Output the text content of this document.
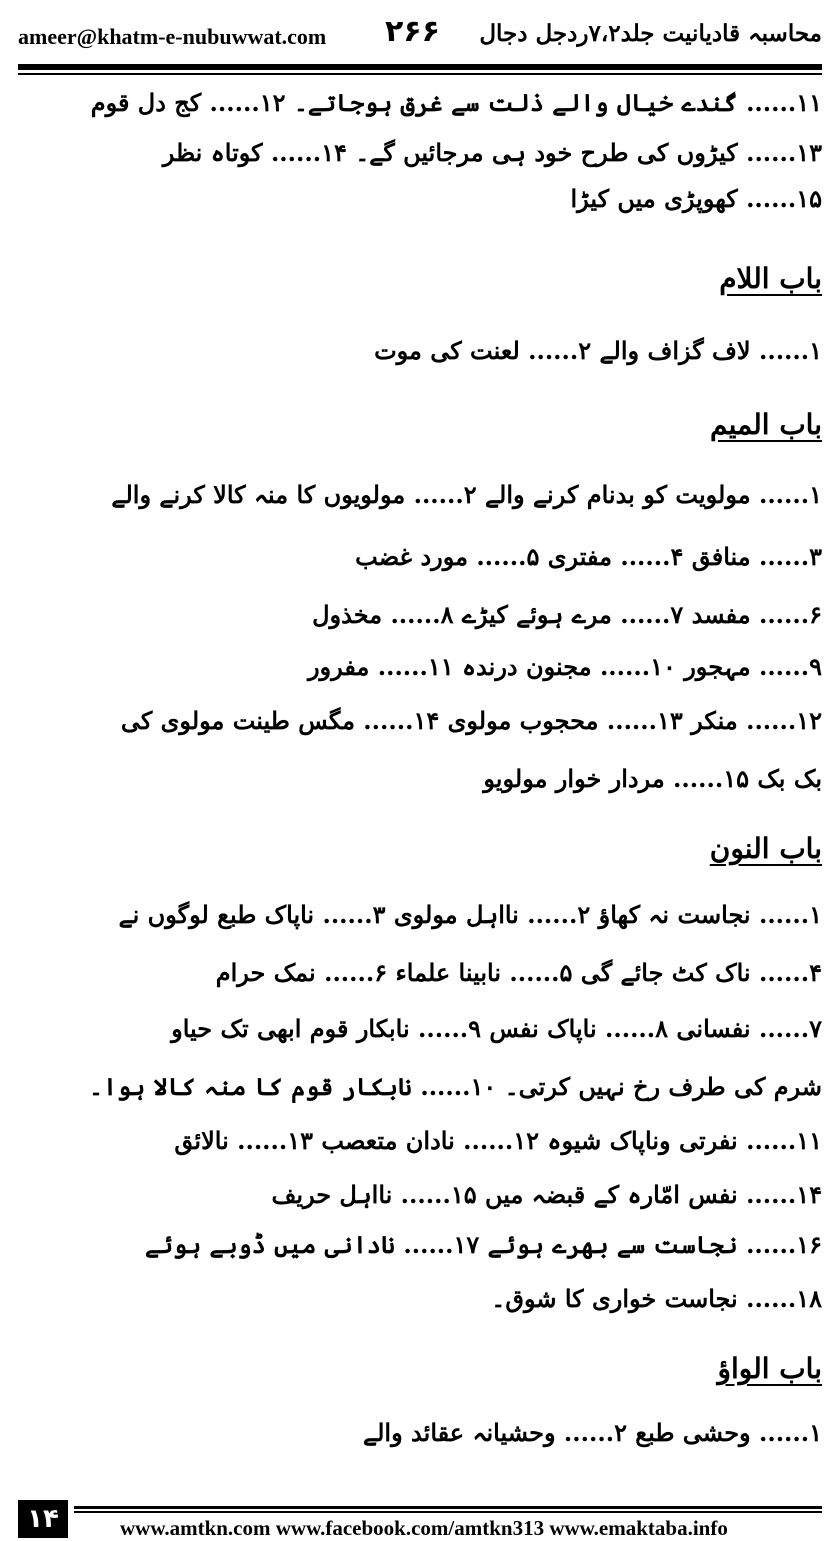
ameer@khatm-e-nubuwwat.com ۲۶۶ محاسبہ قادیانیت جلد۷،۲ردجل دجال
۱۱...... گندے خیال والے ذلت سے غرق ہوجاتے۔ ۱۲...... کج دل قوم
۱۳...... کیڑوں کی طرح خود ہی مرجائیں گے۔ ۱۴...... کوتاہ نظر
۱۵...... کھوپڑی میں کیڑا
باب اللام
۱...... لاف گزاف والے ۲...... لعنت کی موت
باب المیم
۱...... مولویت کو بدنام کرنے والے ۲...... مولویوں کا منہ کالا کرنے والے
۳...... منافق ۴...... مفتری ۵...... مورد غضب
۶...... مفسد ۷...... مرے ہوئے کیڑے ۸...... مخذول
۹...... مہجور ۱۰...... مجنون درندہ ۱۱...... مفرور
۱۲...... منکر ۱۳...... محجوب مولوی ۱۴...... مگس طینت مولوی کی
بک بک ۱۵...... مردار خوار مولویو
باب النون
۱...... نجاست نہ کھاؤ ۲...... نااہل مولوی ۳...... ناپاک طبع لوگوں نے
۴...... ناک کٹ جائے گی ۵...... نابینا علماء ۶...... نمک حرام
۷...... نفسانی ۸...... ناپاک نفس ۹...... نابکار قوم ابھی تک حیاو
شرم کی طرف رخ نہیں کرتی۔ ۱۰...... نابکار قوم کا منہ کالا ہوا۔
۱۱...... نفرتی وناپاک شیوہ ۱۲...... نادان متعصب ۱۳...... نالائق
۱۴...... نفس امّارہ کے قبضہ میں ۱۵...... نااہل حریف
۱۶...... نجاست سے بھرے ہوئے ۱۷...... نادانی میں ڈوبے ہوئے
۱۸...... نجاست خواری کا شوق۔
باب الواؤ
۱...... وحشی طبع ۲...... وحشیانہ عقائد والے
۱۴	www.amtkn.com www.facebook.com/amtkn313 www.emaktaba.info
